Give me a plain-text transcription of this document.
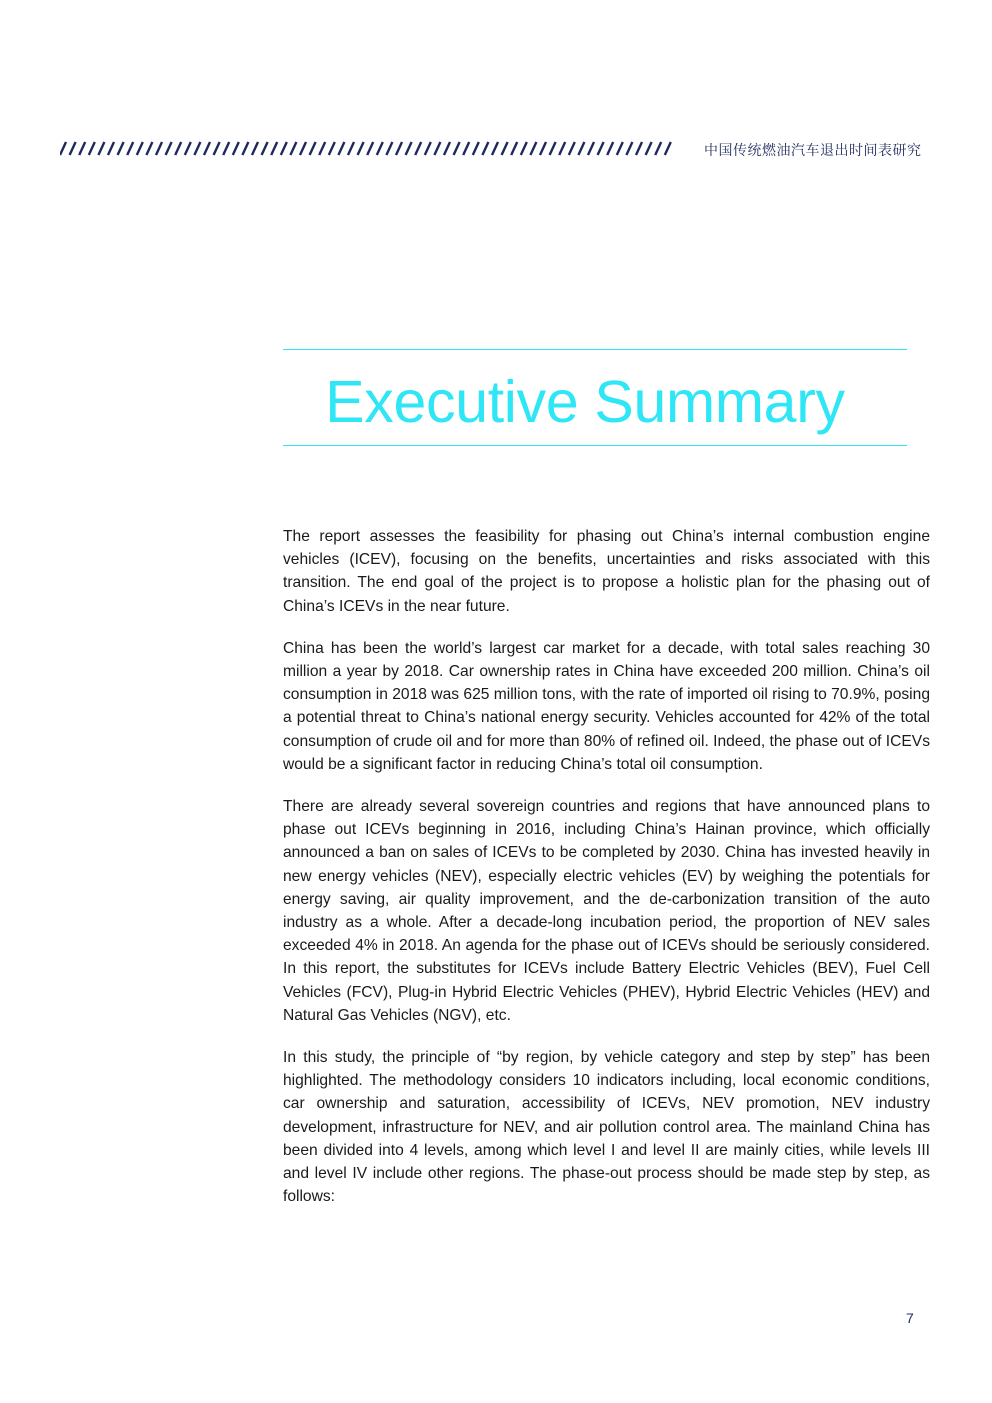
中国传统燃油汽车退出时间表研究
Executive Summary

The report assesses the feasibility for phasing out China’s internal combustion engine vehicles (ICEV), focusing on the benefits, uncertainties and risks associated with this transition. The end goal of the project is to propose a holistic plan for the phasing out of China’s ICEVs in the near future.

China has been the world’s largest car market for a decade, with total sales reaching 30 million a year by 2018. Car ownership rates in China have exceeded 200 million. China’s oil consumption in 2018 was 625 million tons, with the rate of imported oil rising to 70.9%, posing a potential threat to China’s national energy security. Vehicles accounted for 42% of the total consumption of crude oil and for more than 80% of refined oil. Indeed, the phase out of ICEVs would be a significant factor in reducing China’s total oil consumption.

There are already several sovereign countries and regions that have announced plans to phase out ICEVs beginning in 2016, including China’s Hainan province, which officially announced a ban on sales of ICEVs to be completed by 2030. China has invested heavily in new energy vehicles (NEV), especially electric vehicles (EV) by weighing the potentials for energy saving, air quality improvement, and the de-carbonization transition of the auto industry as a whole. After a decade-long incubation period, the proportion of NEV sales exceeded 4% in 2018. An agenda for the phase out of ICEVs should be seriously considered. In this report, the substitutes for ICEVs include Battery Electric Vehicles (BEV), Fuel Cell Vehicles (FCV), Plug-in Hybrid Electric Vehicles (PHEV), Hybrid Electric Vehicles (HEV) and Natural Gas Vehicles (NGV), etc.

In this study, the principle of “by region, by vehicle category and step by step” has been highlighted. The methodology considers 10 indicators including, local economic conditions, car ownership and saturation, accessibility of ICEVs, NEV promotion, NEV industry development, infrastructure for NEV, and air pollution control area. The mainland China has been divided into 4 levels, among which level I and level II are mainly cities, while levels III and level IV include other regions. The phase-out process should be made step by step, as follows:

7
